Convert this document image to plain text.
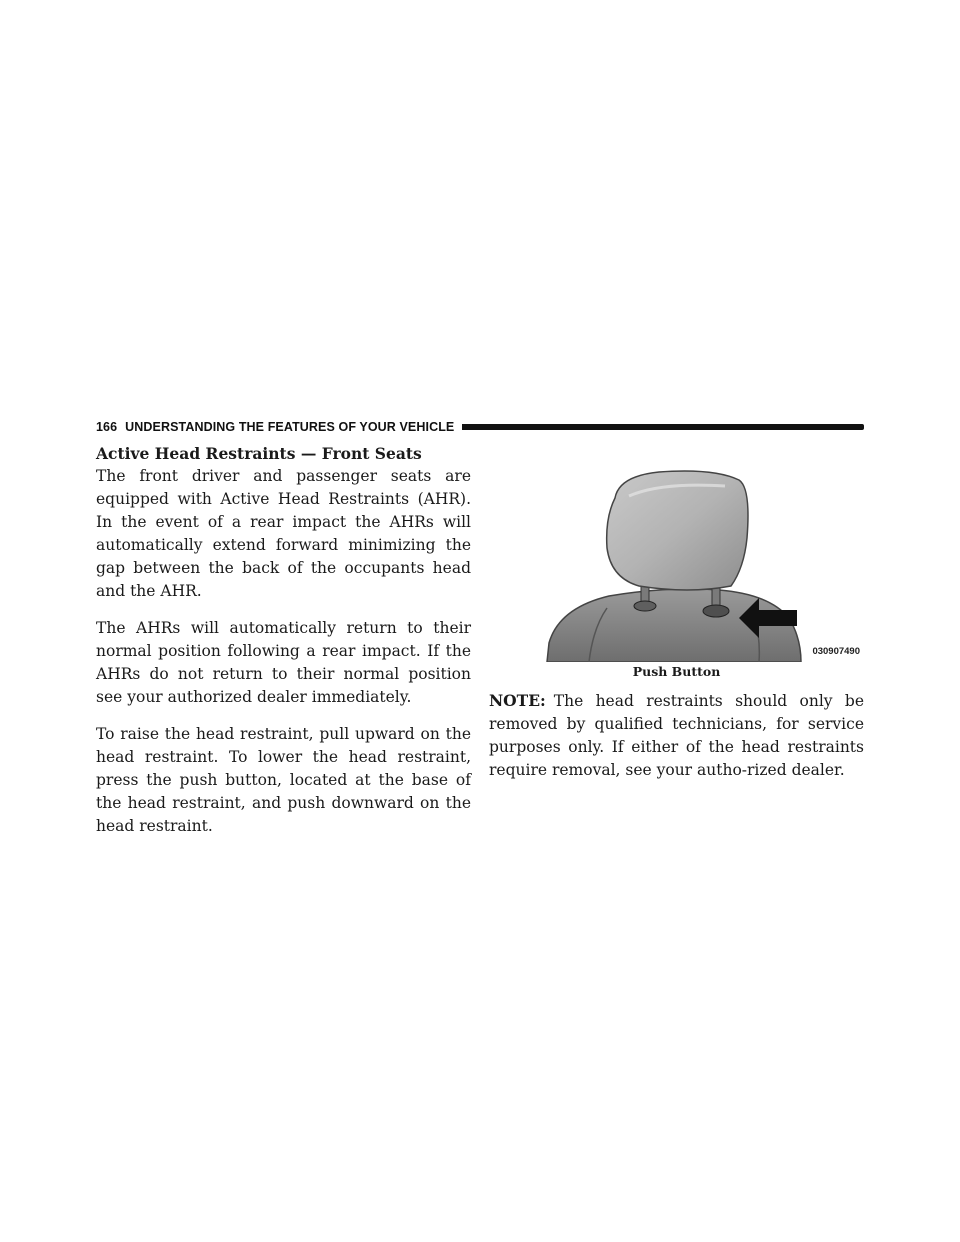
166 UNDERSTANDING THE FEATURES OF YOUR VEHICLE
Active Head Restraints — Front Seats

The front driver and passenger seats are equipped with Active Head Restraints (AHR). In the event of a rear impact the AHRs will automatically extend forward minimizing the gap between the back of the occupants head and the AHR.

The AHRs will automatically return to their normal position following a rear impact. If the AHRs do not return to their normal position see your authorized dealer immediately.

To raise the head restraint, pull upward on the head restraint. To lower the head restraint, press the push button, located at the base of the head restraint, and push downward on the head restraint.

030907490
Push Button

NOTE: The head restraints should only be removed by qualified technicians, for service purposes only. If either of the head restraints require removal, see your autho-rized dealer.
